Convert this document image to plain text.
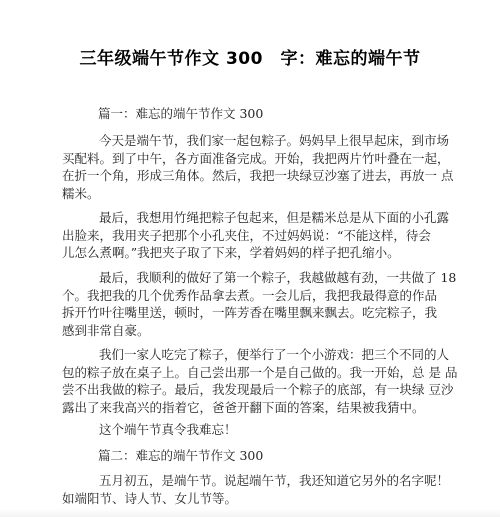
三年级端午节作文 300　字：难忘的端午节
篇一：难忘的端午节作文 300
今天是端午节，我们家一起包粽子。妈妈早上很早起床，到市场
买配料。到了中午，各方面准备完成。开始，我把两片竹叶叠在一起，
在折一个角，形成三角体。然后，我把一块绿豆沙塞了进去，再放一 点
糯米。
最后，我想用竹绳把粽子包起来，但是糯米总是从下面的小孔露
出脸来，我用夹子把那个小孔夹住，不过妈妈说：“不能这样，待会
儿怎么煮啊。”我把夹子取了下来，学着妈妈的样子把孔缩小。
最后，我顺利的做好了第一个粽子，我越做越有劲，一共做了 18
个。我把我的几个优秀作品拿去煮。一会儿后，我把我最得意的作品
拆开竹叶往嘴里送，顿时，一阵芳香在嘴里飘来飘去。吃完粽子，我
感到非常自豪。
我们一家人吃完了粽子，便举行了一个小游戏：把三个不同的人
包的粽子放在桌子上。自己尝出那一个是自己做的。我一开始，总 是 品
尝不出我做的粽子。最后，我发现最后一个粽子的底部，有一块绿 豆沙
露出了来我高兴的指着它，爸爸开翻下面的答案，结果被我猜中。
这个端午节真令我难忘！
篇二：难忘的端午节作文 300
五月初五，是端午节。说起端午节，我还知道它另外的名字呢！
如端阳节、诗人节、女儿节等。
